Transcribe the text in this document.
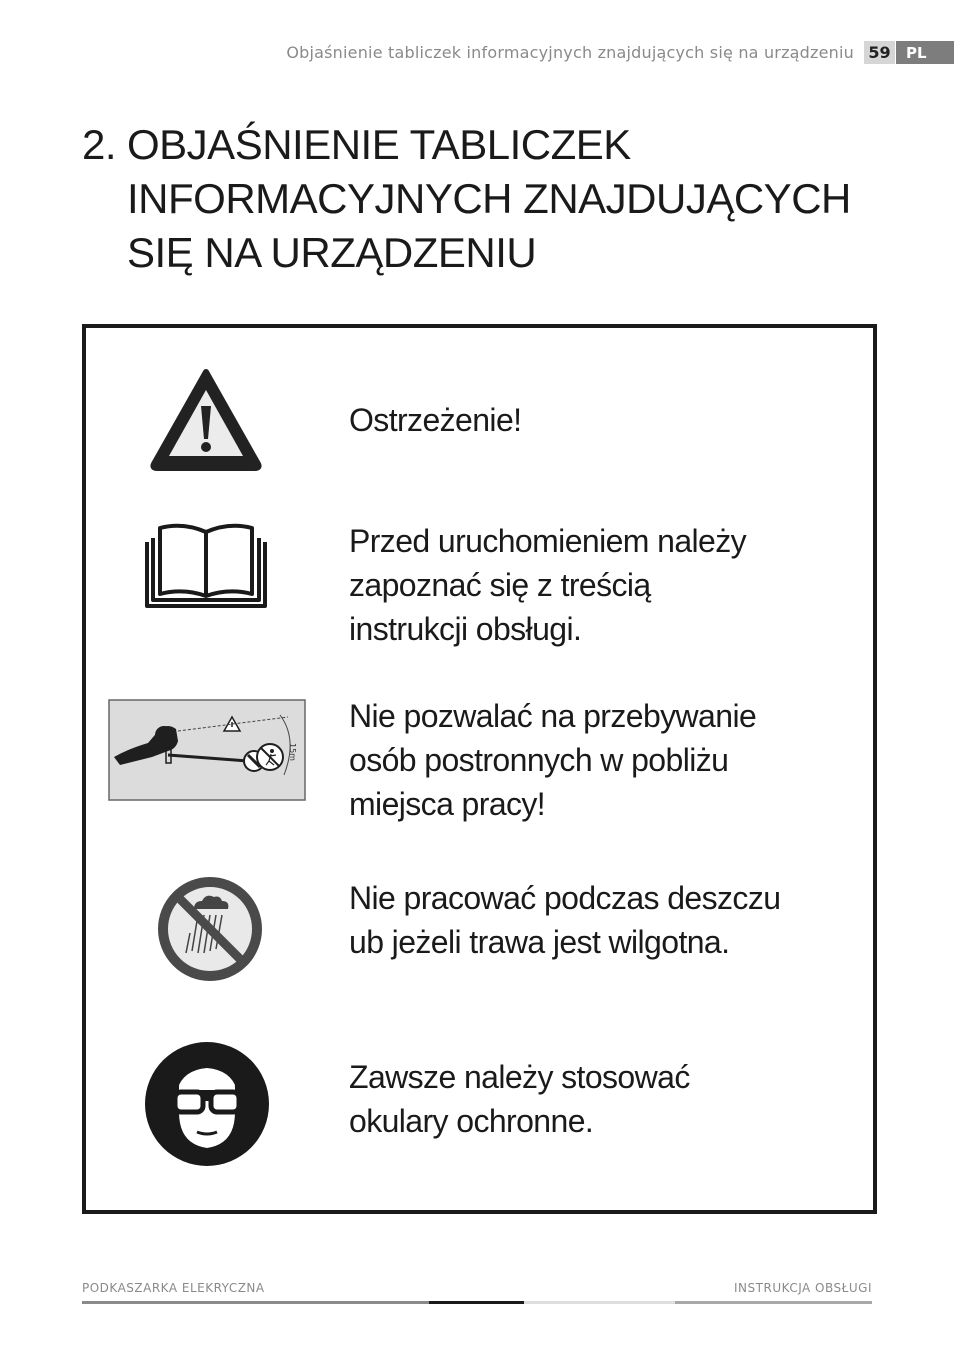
Objaśnienie tabliczek informacyjnych znajdujących się na urządzeniu 59	PL
2. OBJAŚNIENIE TABLICZEK
INFORMACYJNYCH ZNAJDUJĄCYCH
SIĘ NA URZĄDZENIU
Ostrzeżenie!
Przed uruchomieniem należy
zapoznać się z treścią
instrukcji obsługi.
15m
Nie pozwalać na przebywanie
osób postronnych w pobliżu
miejsca pracy!
Nie pracować podczas deszczu
ub jeżeli trawa jest wilgotna.
Zawsze należy stosować
okulary ochronne.
PODKASZARKA ELEKRYCZNA	INSTRUKCJA OBSŁUGI
